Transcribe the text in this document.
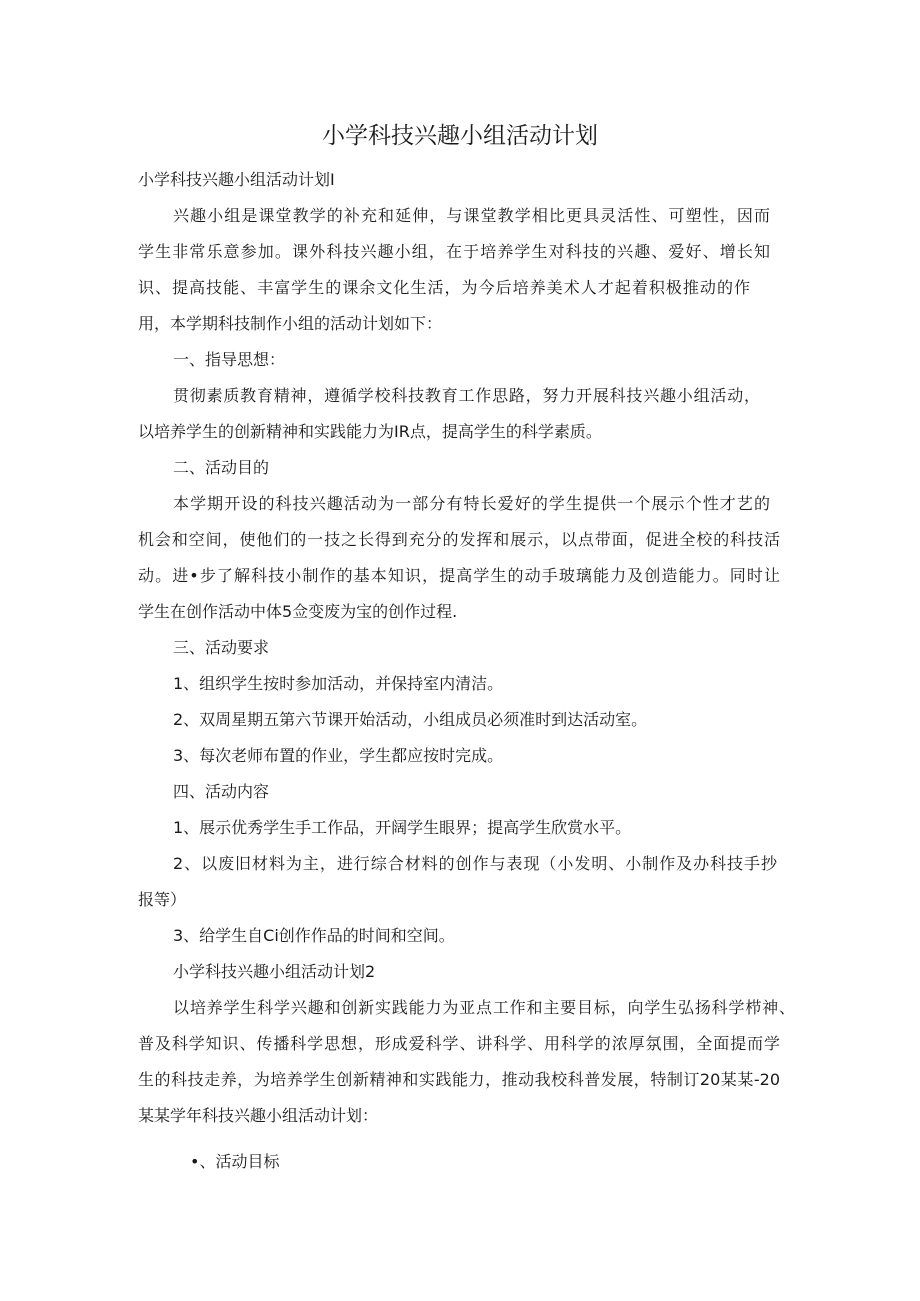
小学科技兴趣小组活动计划
小学科技兴趣小组活动计划I
兴趣小组是课堂教学的补充和延伸，与课堂教学相比更具灵活性、可塑性，因而
学生非常乐意参加。课外科技兴趣小组，在于培养学生对科技的兴趣、爱好、增长知
识、提高技能、丰富学生的课余文化生活，为今后培养美术人才起着积极推动的作
用，本学期科技制作小组的活动计划如下：
一、指导思想：
贯彻素质教育精神，遵循学校科技教育工作思路，努力开展科技兴趣小组活动，
以培养学生的创新精神和实践能力为IR点，提高学生的科学素质。
二、活动目的
本学期开设的科技兴趣活动为一部分有特长爱好的学生提供一个展示个性才艺的
机会和空间，使他们的一技之长得到充分的发挥和展示，以点带面，促进全校的科技活
动。进•步了解科技小制作的基本知识，提高学生的动手玻璃能力及创造能力。同时让
学生在创作活动中体5佥变废为宝的创作过程.
三、活动要求
1、组织学生按时参加活动，并保持室内清洁。
2、双周星期五第六节课开始活动，小组成员必须准时到达活动室。
3、每次老师布置的作业，学生都应按时完成。
四、活动内容
1、展示优秀学生手工作品，开阔学生眼界；提高学生欣赏水平。
2、以废旧材料为主，进行综合材料的创作与表现（小发明、小制作及办科技手抄
报等）
3、给学生自Ci创作作品的时间和空间。
小学科技兴趣小组活动计划2
以培养学生科学兴趣和创新实践能力为亚点工作和主要目标，向学生弘扬科学栉神、
普及科学知识、传播科学思想，形成爱科学、讲科学、用科学的浓厚氛围，全面提而学
生的科技走养，为培养学生创新精神和实践能力，推动我校科普发展，特制订20某某-20
某某学年科技兴趣小组活动计划：
•、活动目标
